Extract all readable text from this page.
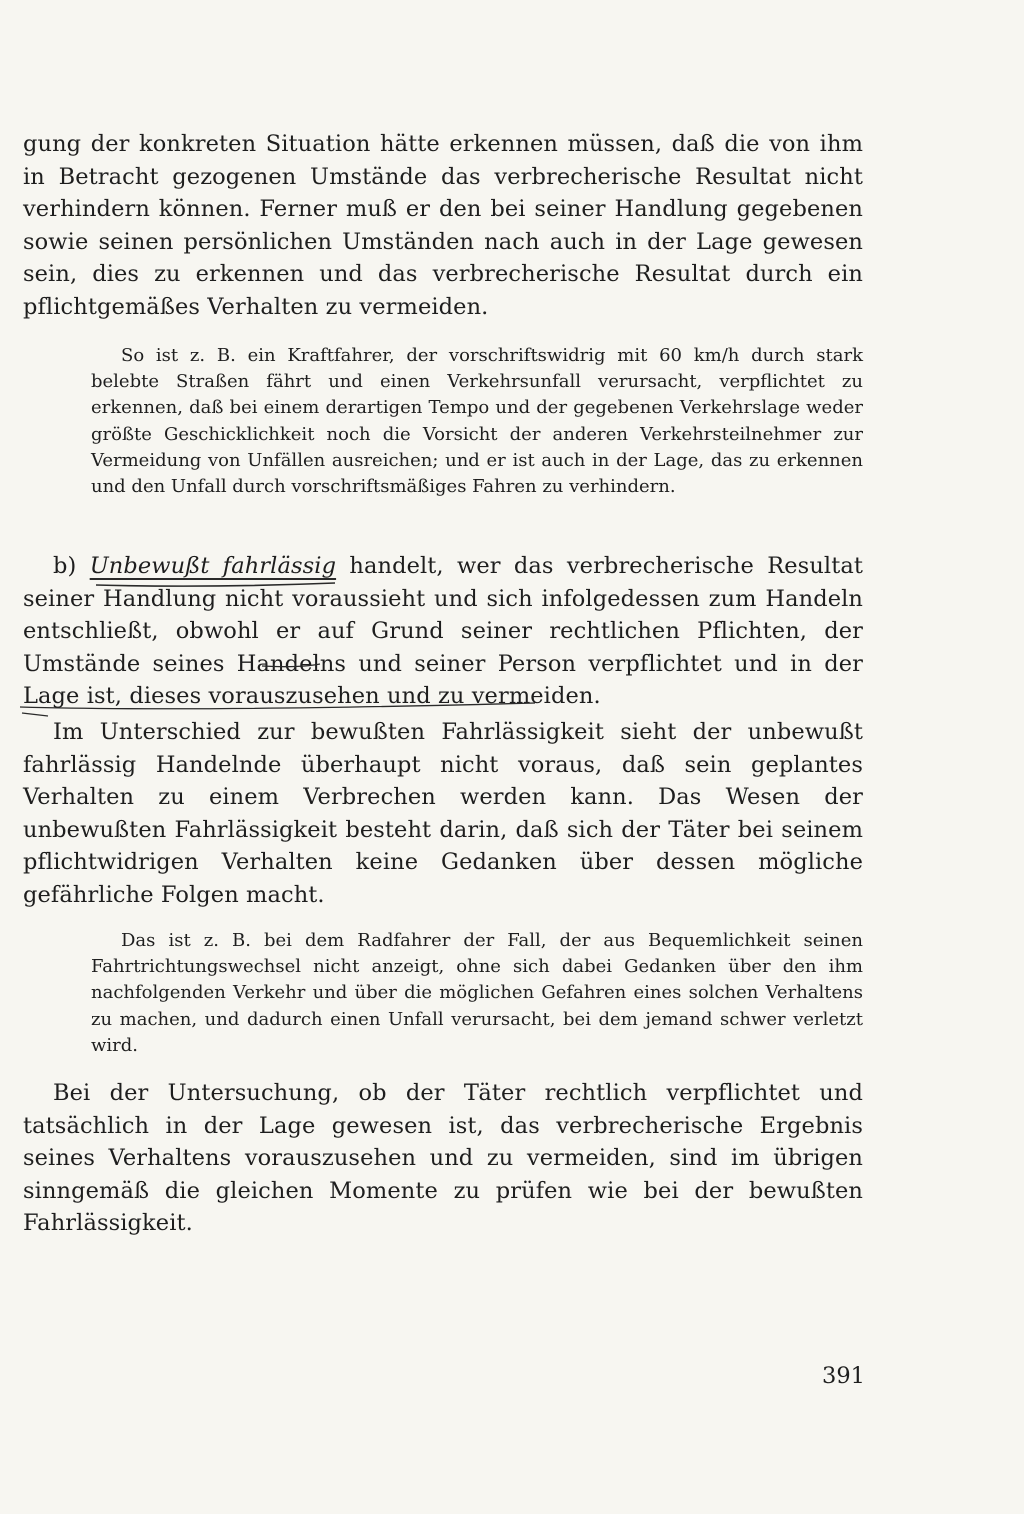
gung der konkreten Situation hätte erkennen müssen, daß die von ihm in Betracht gezogenen Umstände das verbrecherische Resultat nicht verhindern können. Ferner muß er den bei seiner Handlung gegebenen sowie seinen persönlichen Umständen nach auch in der Lage gewesen sein, dies zu erkennen und das verbrecherische Resultat durch ein pflichtgemäßes Verhalten zu vermeiden.
So ist z. B. ein Kraftfahrer, der vorschriftswidrig mit 60 km/h durch stark belebte Straßen fährt und einen Verkehrsunfall verursacht, verpflichtet zu erkennen, daß bei einem derartigen Tempo und der gegebenen Verkehrslage weder größte Geschicklichkeit noch die Vorsicht der anderen Verkehrsteilnehmer zur Vermeidung von Unfällen ausreichen; und er ist auch in der Lage, das zu erkennen und den Unfall durch vorschriftsmäßiges Fahren zu verhindern.
b) Unbewußt fahrlässig handelt, wer das verbrecherische Resultat seiner Handlung nicht voraussieht und sich infolgedessen zum Handeln entschließt, obwohl er auf Grund seiner rechtlichen Pflichten, der Umstände seines Handelns und seiner Person verpflichtet und in der Lage ist, dieses vorauszusehen und zu vermeiden.
Im Unterschied zur bewußten Fahrlässigkeit sieht der unbewußt fahrlässig Handelnde überhaupt nicht voraus, daß sein geplantes Verhalten zu einem Verbrechen werden kann. Das Wesen der unbewußten Fahrlässigkeit besteht darin, daß sich der Täter bei seinem pflichtwidrigen Verhalten keine Gedanken über dessen mögliche gefährliche Folgen macht.
Das ist z. B. bei dem Radfahrer der Fall, der aus Bequemlichkeit seinen Fahrtrichtungswechsel nicht anzeigt, ohne sich dabei Gedanken über den ihm nachfolgenden Verkehr und über die möglichen Gefahren eines solchen Verhaltens zu machen, und dadurch einen Unfall verursacht, bei dem jemand schwer verletzt wird.
Bei der Untersuchung, ob der Täter rechtlich verpflichtet und tatsächlich in der Lage gewesen ist, das verbrecherische Ergebnis seines Verhaltens vorauszusehen und zu vermeiden, sind im übrigen sinngemäß die gleichen Momente zu prüfen wie bei der bewußten Fahrlässigkeit.
391
